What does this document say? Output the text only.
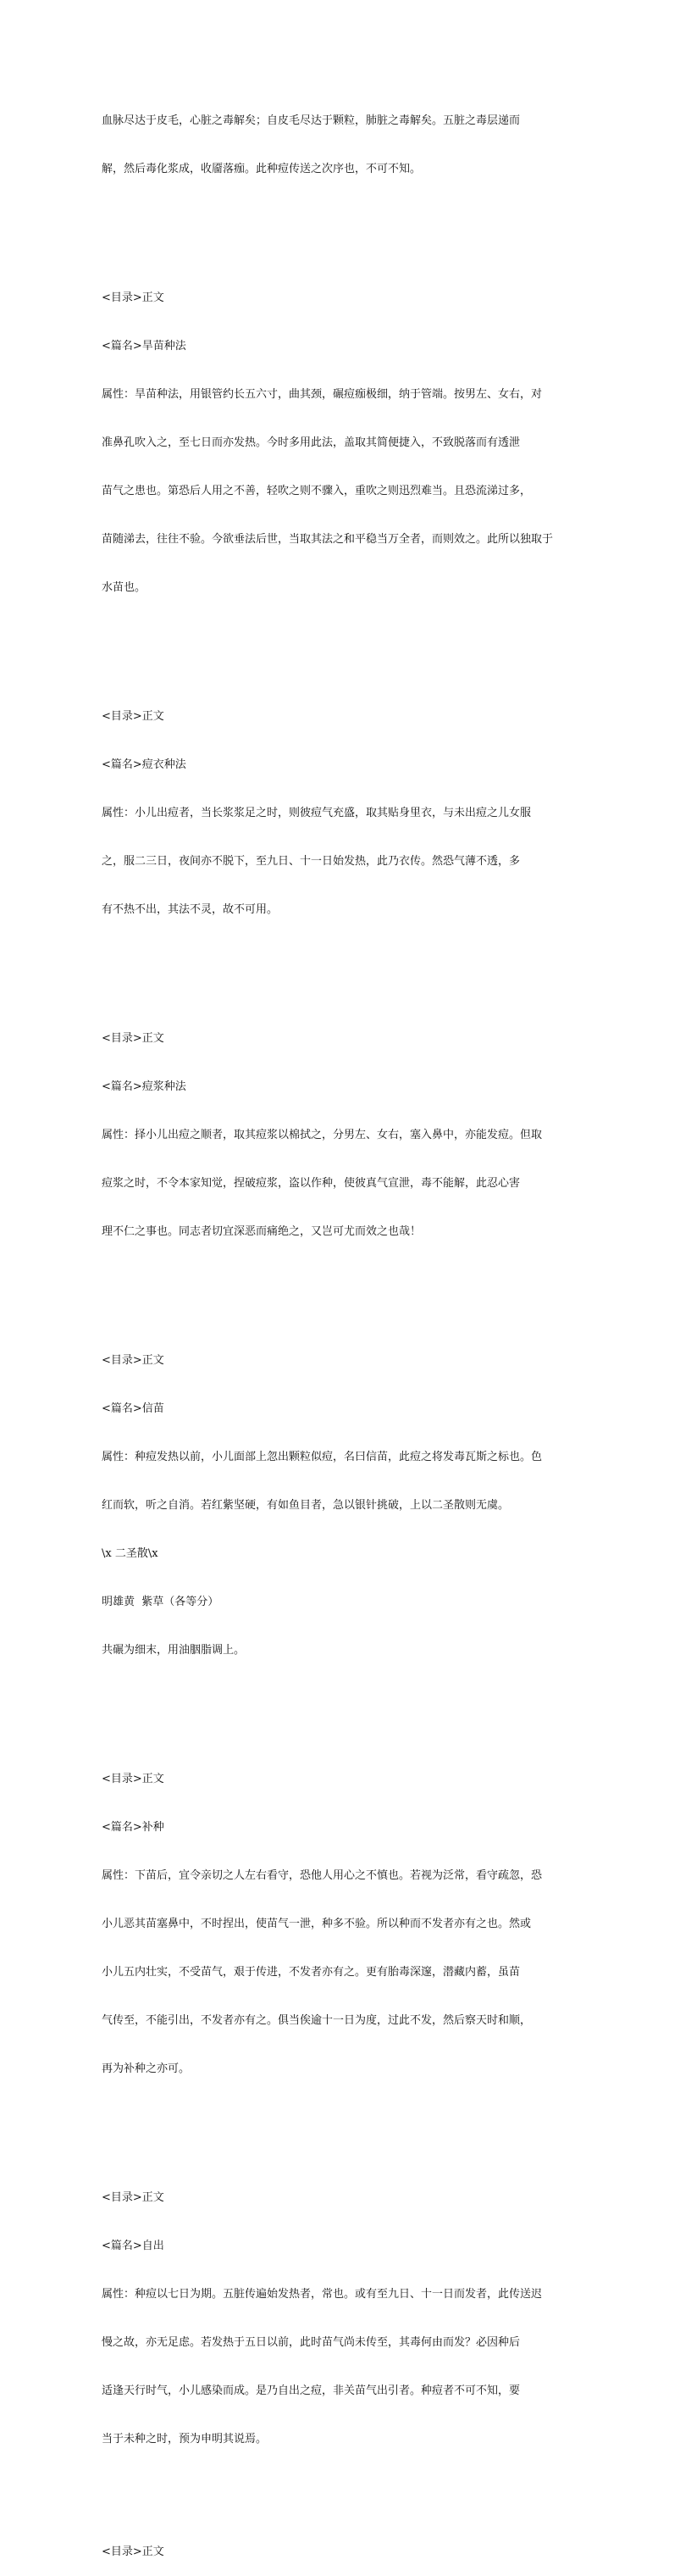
血脉尽达于皮毛，心脏之毒解矣；自皮毛尽达于颗粒，肺脏之毒解矣。五脏之毒层递而

解，然后毒化浆成，收靥落痂。此种痘传送之次序也，不可不知。

<目录>正文

<篇名>旱苗种法

属性：旱苗种法，用银管约长五六寸，曲其颈，碾痘痂极细，纳于管端。按男左、女右，对

准鼻孔吹入之，至七日而亦发热。今时多用此法，盖取其简便捷入，不致脱落而有透泄

苗气之患也。第恐后人用之不善，轻吹之则不骤入，重吹之则迅烈难当。且恐流涕过多，

苗随涕去，往往不验。今欲垂法后世，当取其法之和平稳当万全者，而则效之。此所以独取于

水苗也。

<目录>正文

<篇名>痘衣种法

属性：小儿出痘者，当长浆浆足之时，则彼痘气充盛，取其贴身里衣，与未出痘之儿女服

之，服二三日，夜间亦不脱下，至九日、十一日始发热，此乃衣传。然恐气薄不透，多

有不热不出，其法不灵，故不可用。

<目录>正文

<篇名>痘浆种法

属性：择小儿出痘之顺者，取其痘浆以棉拭之，分男左、女右，塞入鼻中，亦能发痘。但取

痘浆之时，不令本家知觉，捏破痘浆，盗以作种，使彼真气宣泄，毒不能解，此忍心害

理不仁之事也。同志者切宜深恶而痛绝之，又岂可尤而效之也哉！

<目录>正文

<篇名>信苗

属性：种痘发热以前，小儿面部上忽出颗粒似痘，名曰信苗，此痘之将发毒瓦斯之标也。色

红而软，听之自消。若红紫坚硬，有如鱼目者，急以银针挑破，上以二圣散则无虞。

\x 二圣散\x

明雄黄  紫草（各等分）

共碾为细末，用油胭脂调上。

<目录>正文

<篇名>补种

属性：下苗后，宜令亲切之人左右看守，恐他人用心之不慎也。若视为泛常，看守疏忽，恐

小儿恶其苗塞鼻中，不时捏出，使苗气一泄，种多不验。所以种而不发者亦有之也。然或

小儿五内壮实，不受苗气，艰于传进，不发者亦有之。更有胎毒深邃，潜藏内蓄，虽苗

气传至，不能引出，不发者亦有之。俱当俟逾十一日为度，过此不发，然后察天时和顺，

再为补种之亦可。

<目录>正文

<篇名>自出

属性：种痘以七日为期。五脏传遍始发热者，常也。或有至九日、十一日而发者，此传送迟

慢之故，亦无足虑。若发热于五日以前，此时苗气尚未传至，其毒何由而发？必因种后

适逢天行时气，小儿感染而成。是乃自出之痘，非关苗气出引者。种痘者不可不知，要

当于未种之时，预为申明其说焉。

<目录>正文
